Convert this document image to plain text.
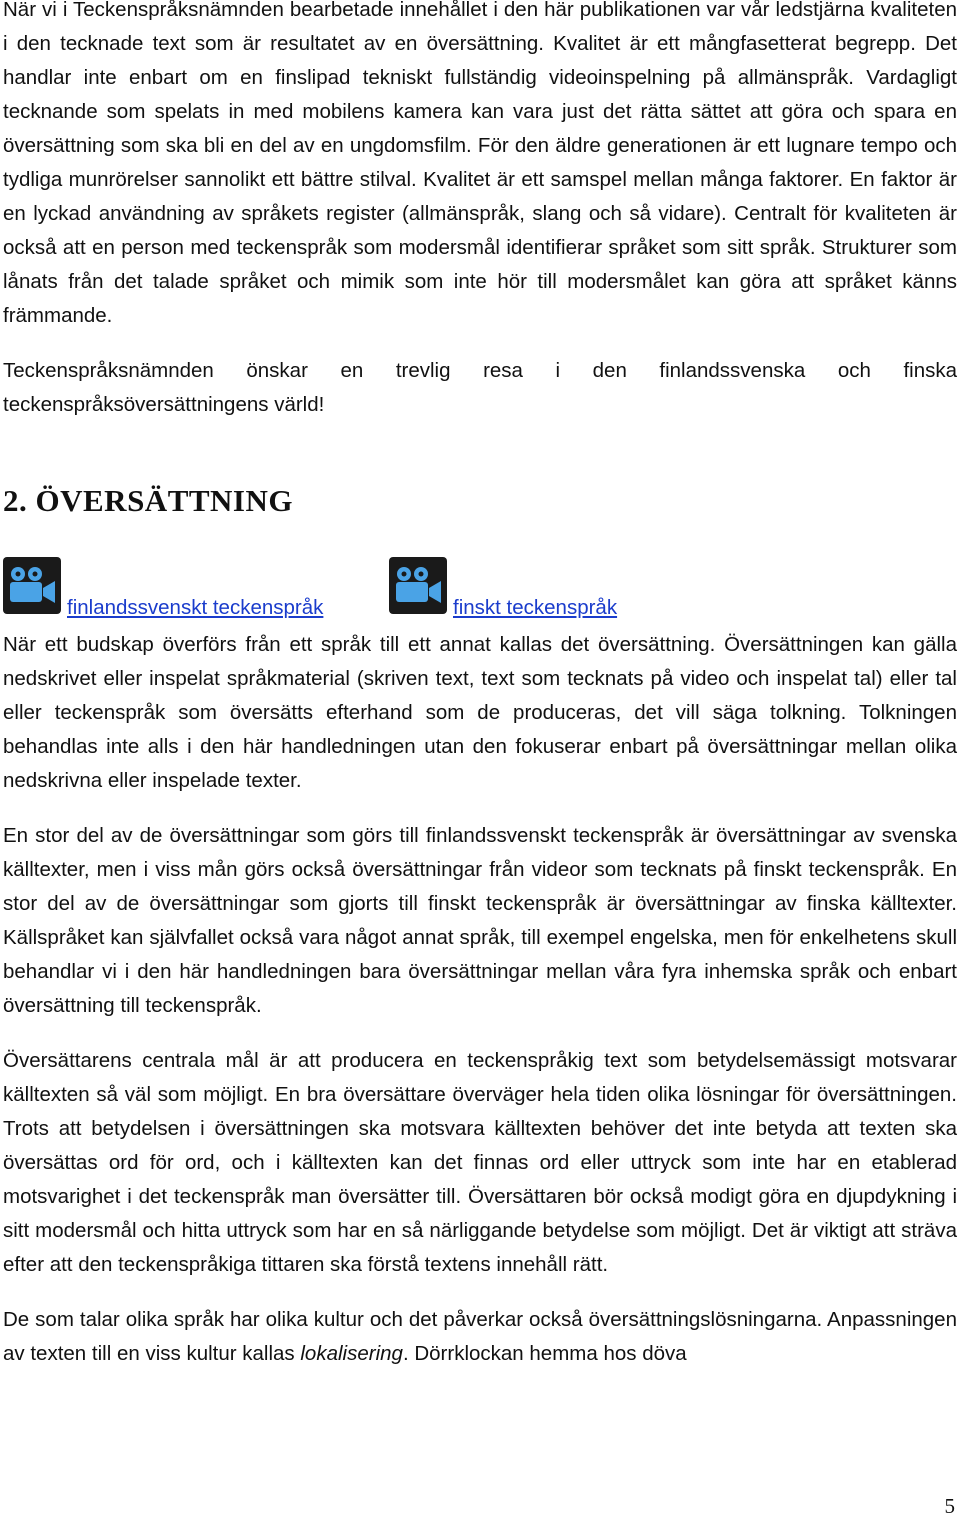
När vi i Teckenspråksnämnden bearbetade innehållet i den här publikationen var vår ledstjärna kvaliteten i den tecknade text som är resultatet av en översättning. Kvalitet är ett mångfasetterat begrepp. Det handlar inte enbart om en finslipad tekniskt fullständig videoinspelning på allmänspråk. Vardagligt tecknande som spelats in med mobilens kamera kan vara just det rätta sättet att göra och spara en översättning som ska bli en del av en ungdomsfilm. För den äldre generationen är ett lugnare tempo och tydliga munrörelser sannolikt ett bättre stilval. Kvalitet är ett samspel mellan många faktorer. En faktor är en lyckad användning av språkets register (allmänspråk, slang och så vidare). Centralt för kvaliteten är också att en person med teckenspråk som modersmål identifierar språket som sitt språk. Strukturer som lånats från det talade språket och mimik som inte hör till modersmålet kan göra att språket känns främmande.

Teckenspråksnämnden önskar en trevlig resa i den finlandssvenska och finska teckenspråksöversättningens värld!

2. ÖVERSÄTTNING
finlandssvenskt teckenspråk	finskt teckenspråk

När ett budskap överförs från ett språk till ett annat kallas det översättning. Översättningen kan gälla nedskrivet eller inspelat språkmaterial (skriven text, text som tecknats på video och inspelat tal) eller tal eller teckenspråk som översätts efterhand som de produceras, det vill säga tolkning. Tolkningen behandlas inte alls i den här handledningen utan den fokuserar enbart på översättningar mellan olika nedskrivna eller inspelade texter.

En stor del av de översättningar som görs till finlandssvenskt teckenspråk är översättningar av svenska källtexter, men i viss mån görs också översättningar från videor som tecknats på finskt teckenspråk. En stor del av de översättningar som gjorts till finskt teckenspråk är översättningar av finska källtexter. Källspråket kan självfallet också vara något annat språk, till exempel engelska, men för enkelhetens skull behandlar vi i den här handledningen bara översättningar mellan våra fyra inhemska språk och enbart översättning till teckenspråk.

Översättarens centrala mål är att producera en teckenspråkig text som betydelsemässigt motsvarar källtexten så väl som möjligt. En bra översättare överväger hela tiden olika lösningar för översättningen. Trots att betydelsen i översättningen ska motsvara källtexten behöver det inte betyda att texten ska översättas ord för ord, och i källtexten kan det finnas ord eller uttryck som inte har en etablerad motsvarighet i det teckenspråk man översätter till. Översättaren bör också modigt göra en djupdykning i sitt modersmål och hitta uttryck som har en så närliggande betydelse som möjligt. Det är viktigt att sträva efter att den teckenspråkiga tittaren ska förstå textens innehåll rätt.

De som talar olika språk har olika kultur och det påverkar också översättningslösningarna. Anpassningen av texten till en viss kultur kallas lokalisering. Dörrklockan hemma hos döva

5
